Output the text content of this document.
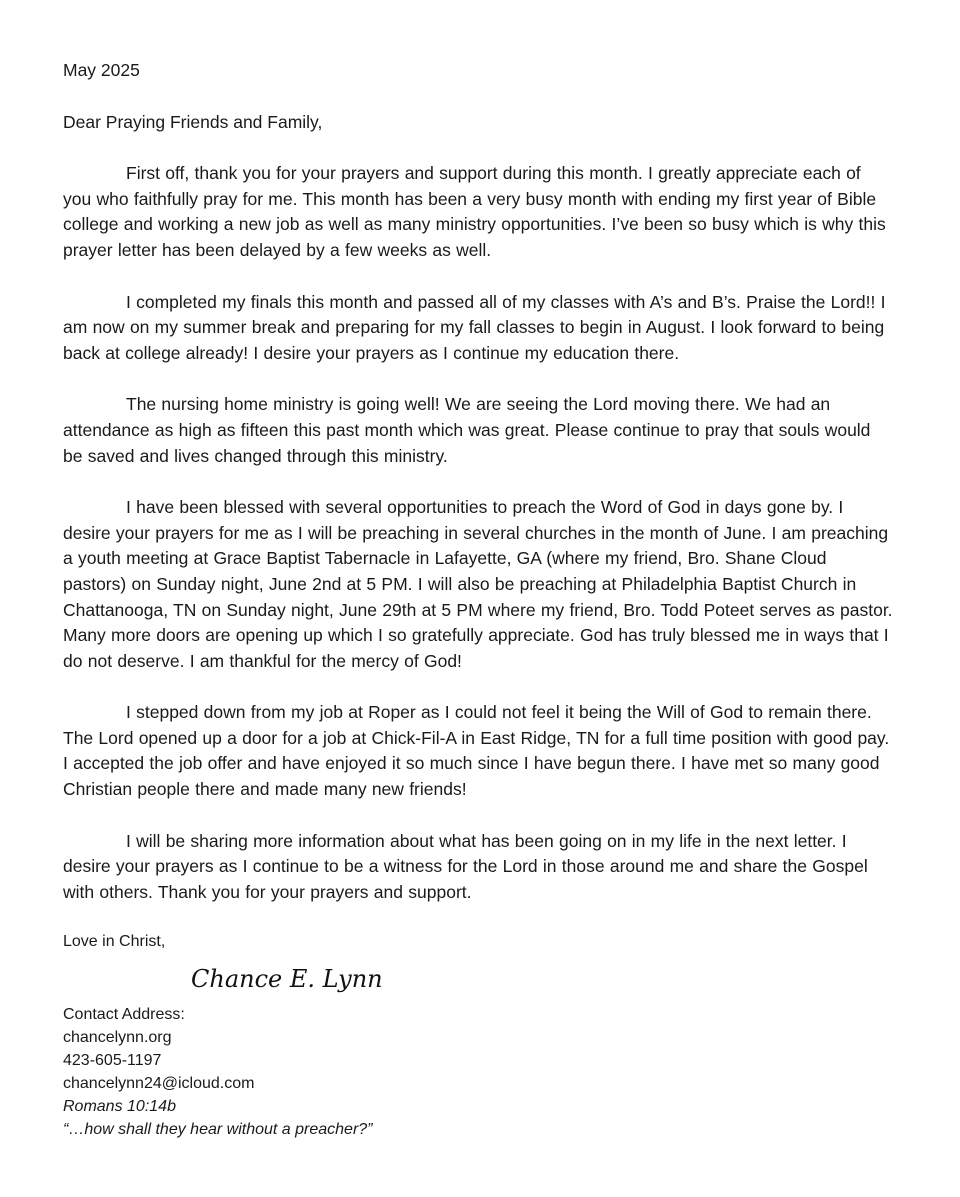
May 2025

Dear Praying Friends and Family,

First off, thank you for your prayers and support during this month. I greatly appreciate each of you who faithfully pray for me. This month has been a very busy month with ending my first year of Bible college and working a new job as well as many ministry opportunities. I’ve been so busy which is why this prayer letter has been delayed by a few weeks as well.

I completed my finals this month and passed all of my classes with A’s and B’s. Praise the Lord!! I am now on my summer break and preparing for my fall classes to begin in August. I look forward to being back at college already! I desire your prayers as I continue my education there.

The nursing home ministry is going well! We are seeing the Lord moving there. We had an attendance as high as fifteen this past month which was great. Please continue to pray that souls would be saved and lives changed through this ministry.

I have been blessed with several opportunities to preach the Word of God in days gone by. I desire your prayers for me as I will be preaching in several churches in the month of June. I am preaching a youth meeting at Grace Baptist Tabernacle in Lafayette, GA (where my friend, Bro. Shane Cloud pastors) on Sunday night, June 2nd at 5 PM. I will also be preaching at Philadelphia Baptist Church in Chattanooga, TN on Sunday night, June 29th at 5 PM where my friend, Bro. Todd Poteet serves as pastor. Many more doors are opening up which I so gratefully appreciate. God has truly blessed me in ways that I do not deserve. I am thankful for the mercy of God!

I stepped down from my job at Roper as I could not feel it being the Will of God to remain there. The Lord opened up a door for a job at Chick-Fil-A in East Ridge, TN for a full time position with good pay. I accepted the job offer and have enjoyed it so much since I have begun there. I have met so many good Christian people there and made many new friends!

I will be sharing more information about what has been going on in my life in the next letter. I desire your prayers as I continue to be a witness for the Lord in those around me and share the Gospel with others. Thank you for your prayers and support.

Love in Christ,

Chance E. Lynn
Contact Address:
chancelynn.org
423-605-1197
chancelynn24@icloud.com
Romans 10:14b
“…how shall they hear without a preacher?”
